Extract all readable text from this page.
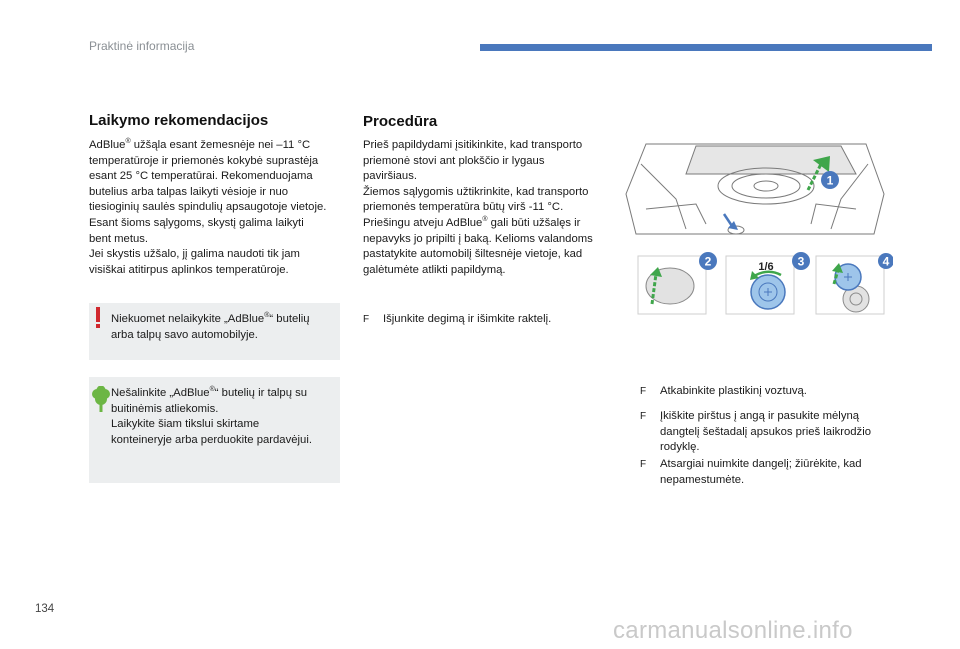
Praktinė informacija
Laikymo rekomendacijos
AdBlue® užšąla esant žemesnėje nei –11 °C
temperatūroje ir priemonės kokybė suprastėja
esant 25 °C temperatūrai. Rekomenduojama
butelius arba talpas laikyti vėsioje ir nuo
tiesioginių saulės spindulių apsaugotoje vietoje.
Esant šioms sąlygoms, skystį galima laikyti
bent metus.
Jei skystis užšalo, jį galima naudoti tik jam
visiškai atitirpus aplinkos temperatūroje.
Niekuomet nelaikykite „AdBlue®“ butelių
arba talpų savo automobilyje.
Nešalinkite „AdBlue®“ butelių ir talpų su
buitinėmis atliekomis.
Laikykite šiam tikslui skirtame
konteineryje arba perduokite pardavėjui.
Procedūra
Prieš papildydami įsitikinkite, kad transporto
priemonė stovi ant plokščio ir lygaus
paviršiaus.
Žiemos sąlygomis užtikrinkite, kad transporto
priemonės temperatūra būtų virš -11 °C.
Priešingu atveju AdBlue® gali būti užšalęs ir
nepavyks jo pripilti į baką. Kelioms valandoms
pastatykite automobilį šiltesnėje vietoje, kad
galėtumėte atlikti papildymą.
F Išjunkite degimą ir išimkite raktelį.
1
2	1/6 3	4
F Atkabinkite plastikinį voztuvą.
F Įkiškite pirštus į angą ir pasukite mėlyną
dangtelį šeštadalį apsukos prieš laikrodžio
rodyklę.
F Atsargiai nuimkite dangelį; žiūrėkite, kad
nepamestumėte.
134
carmanualsonline.info
